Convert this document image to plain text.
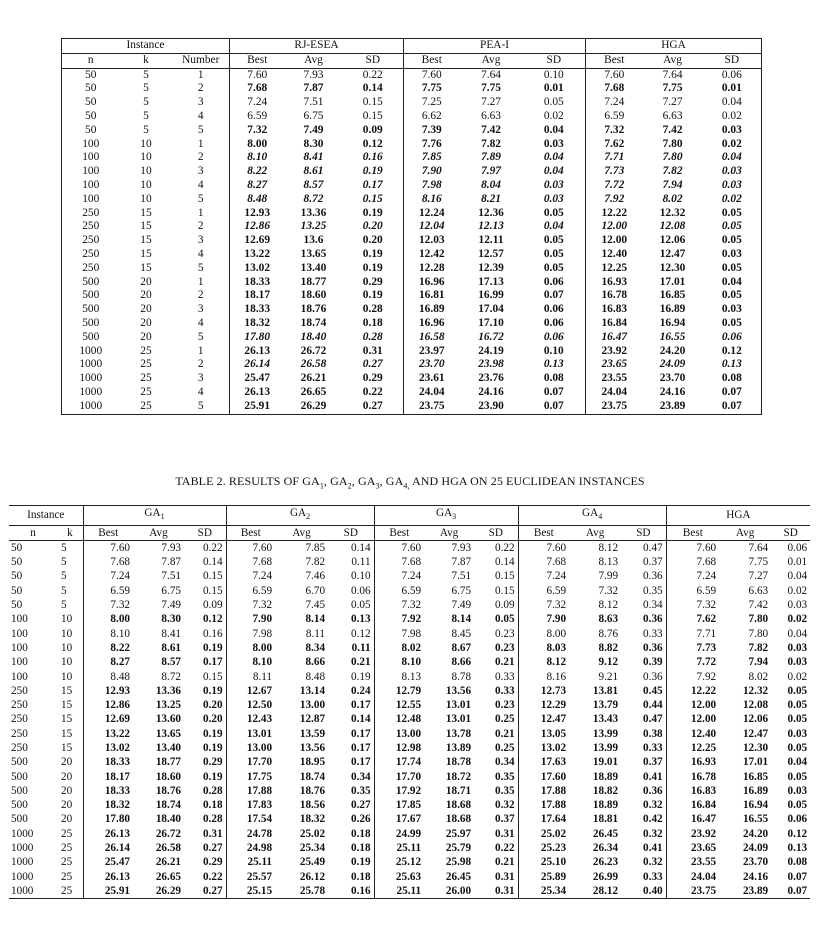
Instance			RJ-ESEA			PEA-I			HGA		
n	k	Number	Best	Avg	SD	Best	Avg	SD	Best	Avg	SD
50	5	1	7.60	7.93	0.22	7.60	7.64	0.10	7.60	7.64	0.06
50	5	2	7.68	7.87	0.14	7.75	7.75	0.01	7.68	7.75	0.01
50	5	3	7.24	7.51	0.15	7.25	7.27	0.05	7.24	7.27	0.04
50	5	4	6.59	6.75	0.15	6.62	6.63	0.02	6.59	6.63	0.02
50	5	5	7.32	7.49	0.09	7.39	7.42	0.04	7.32	7.42	0.03
100	10	1	8.00	8.30	0.12	7.76	7.82	0.03	7.62	7.80	0.02
100	10	2	8.10	8.41	0.16	7.85	7.89	0.04	7.71	7.80	0.04
100	10	3	8.22	8.61	0.19	7.90	7.97	0.04	7.73	7.82	0.03
100	10	4	8.27	8.57	0.17	7.98	8.04	0.03	7.72	7.94	0.03
100	10	5	8.48	8.72	0.15	8.16	8.21	0.03	7.92	8.02	0.02
250	15	1	12.93	13.36	0.19	12.24	12.36	0.05	12.22	12.32	0.05
250	15	2	12.86	13.25	0.20	12.04	12.13	0.04	12.00	12.08	0.05
250	15	3	12.69	13.6	0.20	12.03	12.11	0.05	12.00	12.06	0.05
250	15	4	13.22	13.65	0.19	12.42	12.57	0.05	12.40	12.47	0.03
250	15	5	13.02	13.40	0.19	12.28	12.39	0.05	12.25	12.30	0.05
500	20	1	18.33	18.77	0.29	16.96	17.13	0.06	16.93	17.01	0.04
500	20	2	18.17	18.60	0.19	16.81	16.99	0.07	16.78	16.85	0.05
500	20	3	18.33	18.76	0.28	16.89	17.04	0.06	16.83	16.89	0.03
500	20	4	18.32	18.74	0.18	16.96	17.10	0.06	16.84	16.94	0.05
500	20	5	17.80	18.40	0.28	16.58	16.72	0.06	16.47	16.55	0.06
1000	25	1	26.13	26.72	0.31	23.97	24.19	0.10	23.92	24.20	0.12
1000	25	2	26.14	26.58	0.27	23.70	23.98	0.13	23.65	24.09	0.13
1000	25	3	25.47	26.21	0.29	23.61	23.76	0.08	23.55	23.70	0.08
1000	25	4	26.13	26.65	0.22	24.04	24.16	0.07	24.04	24.16	0.07
1000	25	5	25.91	26.29	0.27	23.75	23.90	0.07	23.75	23.89	0.07
TABLE 2. RESULTS OF $GA_1$, $GA_2$, $GA_3$, $GA_{4,}$ AND HGA ON 25 EUCLIDEAN INSTANCES
Instance		$GA_1$			$GA_2$			$GA_3$			$GA_4$			HGA		
n	k	Best	Avg	SD	Best	Avg	SD	Best	Avg	SD	Best	Avg	SD	Best	Avg	SD
50	5	7.60	7.93	0.22	7.60	7.85	0.14	7.60	7.93	0.22	7.60	8.12	0.47	7.60	7.64	0.06
50	5	7.68	7.87	0.14	7.68	7.82	0.11	7.68	7.87	0.14	7.68	8.13	0.37	7.68	7.75	0.01
50	5	7.24	7.51	0.15	7.24	7.46	0.10	7.24	7.51	0.15	7.24	7.99	0.36	7.24	7.27	0.04
50	5	6.59	6.75	0.15	6.59	6.70	0.06	6.59	6.75	0.15	6.59	7.32	0.35	6.59	6.63	0.02
50	5	7.32	7.49	0.09	7.32	7.45	0.05	7.32	7.49	0.09	7.32	8.12	0.34	7.32	7.42	0.03
100	10	8.00	8.30	0.12	7.90	8.14	0.13	7.92	8.14	0.05	7.90	8.63	0.36	7.62	7.80	0.02
100	10	8.10	8.41	0.16	7.98	8.11	0.12	7.98	8.45	0.23	8.00	8.76	0.33	7.71	7.80	0.04
100	10	8.22	8.61	0.19	8.00	8.34	0.11	8.02	8.67	0.23	8.03	8.82	0.36	7.73	7.82	0.03
100	10	8.27	8.57	0.17	8.10	8.66	0.21	8.10	8.66	0.21	8.12	9.12	0.39	7.72	7.94	0.03
100	10	8.48	8.72	0.15	8.11	8.48	0.19	8.13	8.78	0.33	8.16	9.21	0.36	7.92	8.02	0.02
250	15	12.93	13.36	0.19	12.67	13.14	0.24	12.79	13.56	0.33	12.73	13.81	0.45	12.22	12.32	0.05
250	15	12.86	13.25	0.20	12.50	13.00	0.17	12.55	13.01	0.23	12.29	13.79	0.44	12.00	12.08	0.05
250	15	12.69	13.60	0.20	12.43	12.87	0.14	12.48	13.01	0.25	12.47	13.43	0.47	12.00	12.06	0.05
250	15	13.22	13.65	0.19	13.01	13.59	0.17	13.00	13.78	0.21	13.05	13.99	0.38	12.40	12.47	0.03
250	15	13.02	13.40	0.19	13.00	13.56	0.17	12.98	13.89	0.25	13.02	13.99	0.33	12.25	12.30	0.05
500	20	18.33	18.77	0.29	17.70	18.95	0.17	17.74	18.78	0.34	17.63	19.01	0.37	16.93	17.01	0.04
500	20	18.17	18.60	0.19	17.75	18.74	0.34	17.70	18.72	0.35	17.60	18.89	0.41	16.78	16.85	0.05
500	20	18.33	18.76	0.28	17.88	18.76	0.35	17.92	18.71	0.35	17.88	18.82	0.36	16.83	16.89	0.03
500	20	18.32	18.74	0.18	17.83	18.56	0.27	17.85	18.68	0.32	17.88	18.89	0.32	16.84	16.94	0.05
500	20	17.80	18.40	0.28	17.54	18.32	0.26	17.67	18.68	0.37	17.64	18.81	0.42	16.47	16.55	0.06
1000	25	26.13	26.72	0.31	24.78	25.02	0.18	24.99	25.97	0.31	25.02	26.45	0.32	23.92	24.20	0.12
1000	25	26.14	26.58	0.27	24.98	25.34	0.18	25.11	25.79	0.22	25.23	26.34	0.41	23.65	24.09	0.13
1000	25	25.47	26.21	0.29	25.11	25.49	0.19	25.12	25.98	0.21	25.10	26.23	0.32	23.55	23.70	0.08
1000	25	26.13	26.65	0.22	25.57	26.12	0.18	25.63	26.45	0.31	25.89	26.99	0.33	24.04	24.16	0.07
1000	25	25.91	26.29	0.27	25.15	25.78	0.16	25.11	26.00	0.31	25.34	28.12	0.40	23.75	23.89	0.07
